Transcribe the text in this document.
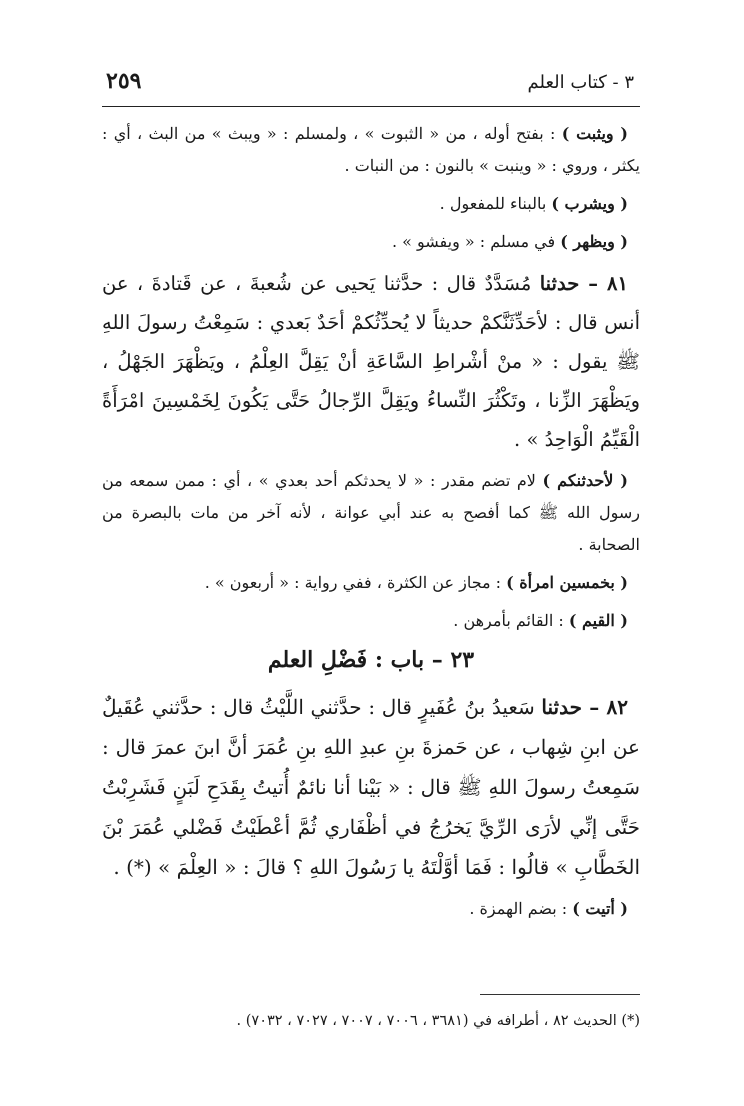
٣ - كتاب العلم
٢٥٩

( ويثبت ) : بفتح أوله ، من « الثبوت » ، ولمسلم : « ويبث » من البث ، أي : يكثر ، وروي : « وينبت » بالنون : من النبات .

( ويشرب ) بالبناء للمفعول .

( ويظهر ) في مسلم : « ويفشو » .

٨١ – حدثنا مُسَدَّدٌ قال : حدَّثنا يَحيى عن شُعبةَ ، عن قَتادةَ ، عن أنس قال : لأحَدِّثَنَّكمْ حديثاً لا يُحدِّثُكمْ أحَدٌ بَعدي : سَمِعْتُ رسولَ اللهِ ﷺ يقول : « منْ أشْراطِ السَّاعَةِ أنْ يَقِلَّ العِلْمُ ، ويَظْهَرَ الجَهْلُ ، ويَظْهَرَ الزِّنا ، وتَكْثُرَ النِّساءُ ويَقِلَّ الرِّجالُ حَتَّى يَكُونَ لِخَمْسِينَ امْرَأَةً الْقَيِّمُ الْوَاحِدُ » .

( لأحدثنكم ) لام تضم مقدر : « لا يحدثكم أحد بعدي » ، أي : ممن سمعه من رسول الله ﷺ كما أفصح به عند أبي عوانة ، لأنه آخر من مات بالبصرة من الصحابة .

( بخمسين امرأة ) : مجاز عن الكثرة ، ففي رواية : « أربعون » .

( القيم ) : القائم بأمرهن .

٢٣ – باب : فَضْلِ العلم

٨٢ – حدثنا سَعيدُ بنُ عُفَيرٍ قال : حدَّثني اللَّيْثُ قال : حدَّثني عُقَيلٌ عن ابنِ شِهاب ، عن حَمزةَ بنِ عبدِ اللهِ بنِ عُمَرَ أنَّ ابنَ عمرَ قال : سَمِعتُ رسولَ اللهِ ﷺ قال : « بَيْنا أنا نائمٌ أُتيتُ بِقَدَحِ لَبَنٍ فَشَرِبْتُ حَتَّى إنِّي لأرَى الرِّيَّ يَخرُجُ في أظْفَاري ثُمَّ أعْطَيْتُ فَضْلي عُمَرَ بْنَ الخَطَّابِ » قالُوا : فَمَا أوَّلْتَهُ يا رَسُولَ اللهِ ؟ قالَ : « العِلْمَ » (*) .

( أتيت ) : بضم الهمزة .

(*) الحديث ٨٢ ، أطرافه في (٣٦٨١ ، ٧٠٠٦ ، ٧٠٠٧ ، ٧٠٢٧ ، ٧٠٣٢) .
